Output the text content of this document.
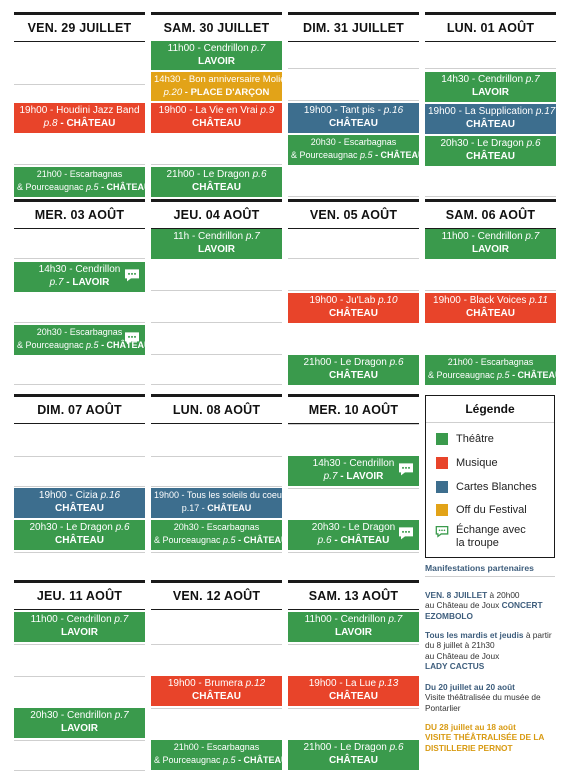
VEN. 29 JUILLET
19h00 - Houdini Jazz Band
p.8 - CHÂTEAU
21h00 - Escarbagnas
& Pourceaugnac p.5 - CHÂTEAU
SAM. 30 JUILLET
11h00 - Cendrillon p.7
LAVOIR
14h30 - Bon anniversaire Molière !
p.20 - PLACE D'ARÇON
19h00 - La Vie en Vrai p.9
CHÂTEAU
21h00 - Le Dragon p.6
CHÂTEAU
DIM. 31 JUILLET
19h00 - Tant pis - p.16
CHÂTEAU
20h30 - Escarbagnas
& Pourceaugnac p.5 - CHÂTEAU
LUN. 01 AOÛT
14h30 - Cendrillon p.7
LAVOIR
19h00 - La Supplication p.17
CHÂTEAU
20h30 - Le Dragon p.6
CHÂTEAU
MER. 03 AOÛT
14h30 - Cendrillon
p.7 - LAVOIR
20h30 - Escarbagnas
& Pourceaugnac p.5 - CHÂTEAU
JEU. 04 AOÛT
11h - Cendrillon p.7
LAVOIR
VEN. 05 AOÛT
19h00 - Ju'Lab p.10
CHÂTEAU
21h00 - Le Dragon p.6
CHÂTEAU
SAM. 06 AOÛT
11h00 - Cendrillon p.7
LAVOIR
19h00 - Black Voices p.11
CHÂTEAU
21h00 - Escarbagnas
& Pourceaugnac p.5 - CHÂTEAU
DIM. 07 AOÛT
19h00 - Cizia p.16
CHÂTEAU
20h30 - Le Dragon p.6
CHÂTEAU
LUN. 08 AOÛT
19h00 - Tous les soleils du coeur
p.17 - CHÂTEAU
20h30 - Escarbagnas
& Pourceaugnac p.5 - CHÂTEAU
MER. 10 AOÛT
14h30 - Cendrillon
p.7 - LAVOIR
20h30 - Le Dragon
p.6 - CHÂTEAU
Légende
Théâtre
Musique
Cartes Blanches
Off du Festival
Échange avec
la troupe
JEU. 11 AOÛT
11h00 - Cendrillon p.7
LAVOIR
20h30 - Cendrillon p.7
LAVOIR
VEN. 12 AOÛT
19h00 - Brumera p.12
CHÂTEAU
21h00 - Escarbagnas
& Pourceaugnac p.5 - CHÂTEAU
SAM. 13 AOÛT
11h00 - Cendrillon p.7
LAVOIR
19h00 - La Lue p.13
CHÂTEAU
21h00 - Le Dragon p.6
CHÂTEAU
Manifestations partenaires
VEN. 8 JUILLET à 20h00
au Château de Joux CONCERT
EZOMBOLO
Tous les mardis et jeudis à partir
du 8 juillet à 21h30
au Château de Joux
LADY CACTUS
Du 20 juillet au 20 août
Visite théâtralisée du musée de
Pontarlier
DU 28 juillet au 18 août
VISITE THÉÂTRALISÉE DE LA
DISTILLERIE PERNOT
